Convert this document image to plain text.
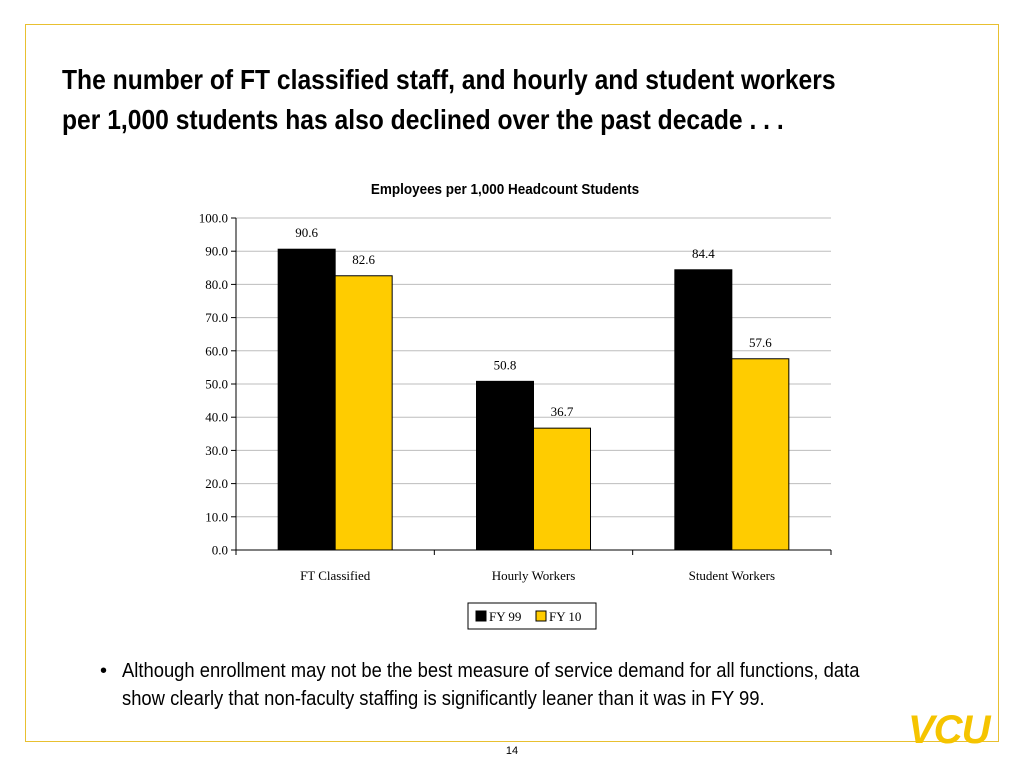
The number of FT classified staff, and hourly and student workers
per 1,000 students has also declined over the past decade . . .
Employees per 1,000 Headcount Students
0.0
10.0
20.0
30.0
40.0
50.0
60.0
70.0
80.0
90.0
100.0
90.6
82.6
FT Classified
50.8
36.7
Hourly Workers
84.4
57.6
Student Workers
FY 99 FY 10
• Although enrollment may not be the best measure of service demand for all functions, data show clearly that non-faculty staffing is significantly leaner than it was in FY 99.
VCU
14
